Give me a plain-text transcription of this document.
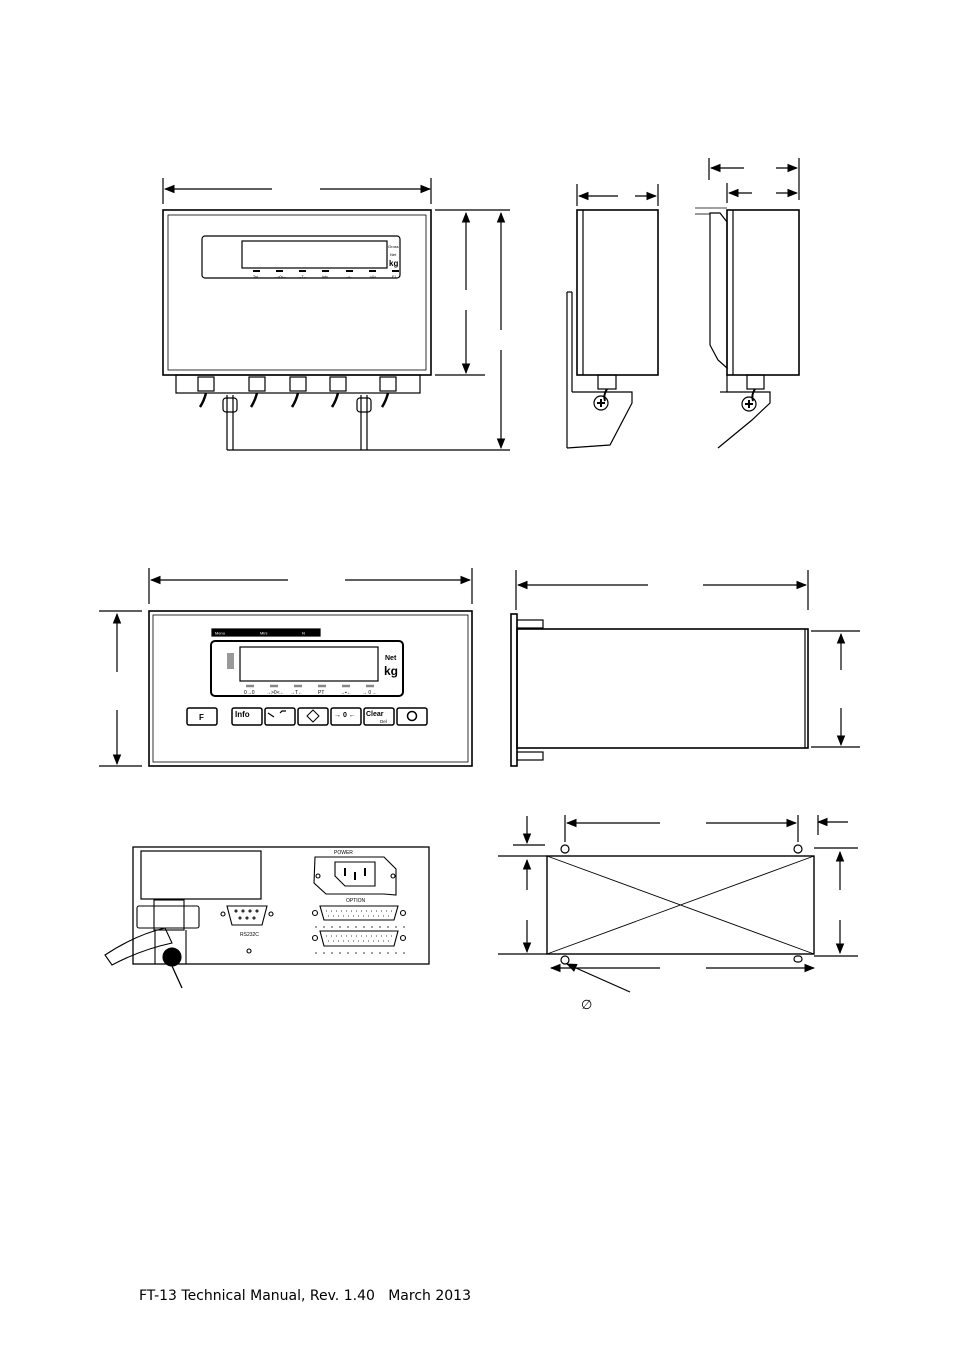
Gross
Net
kg
Tar	→>0<←	→T←	Info	→▪←	<0>	F1
Menu	Mirs	N
Net
kg
0→0 →>0<← →T←	PT	→▪← → 0 ←
F	Info	→ 0 ← Clear
Del
POWER
OPTION
RS232C
∅
FT-13 Technical Manual, Rev. 1.40   March 2013
